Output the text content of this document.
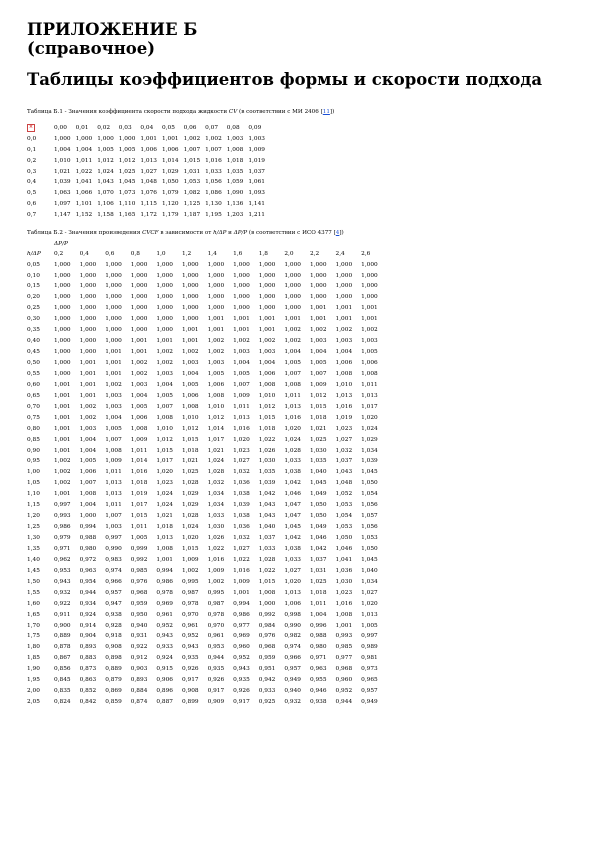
ПРИЛОЖЕНИЕ Б
(справочное)
Таблицы коэффициентов формы и скорости подхода
Таблица Б.1 - Значения коэффициента скорости подхода жидкости CV (в соответствии с МИ 2406 [11])
×	0,00	0,01	0,02	0,03	0,04	0,05	0,06	0,07	0,08	0,09
0,0	1,000	1,000	1,000	1,000	1,001	1,001	1,002	1,002	1,003	1,003
0,1	1,004	1,004	1,005	1,005	1,006	1,006	1,007	1,007	1,008	1,009
0,2	1,010	1,011	1,012	1,012	1,013	1,014	1,015	1,016	1,018	1,019
0,3	1,021	1,022	1,024	1,025	1,027	1,029	1,031	1,033	1,035	1,037
0,4	1,039	1,041	1,043	1,045	1,048	1,050	1,053	1,056	1,059	1,061
0,5	1,063	1,066	1,070	1,073	1,076	1,079	1,082	1,086	1,090	1,093
0,6	1,097	1,101	1,106	1,110	1,115	1,120	1,125	1,130	1,136	1,141
0,7	1,147	1,152	1,158	1,165	1,172	1,179	1,187	1,195	1,203	1,211
Таблица Б.2 - Значения произведения CVCF в зависимости от h/ΔP и ΔP/P (в соответствии с ИСО 4377 [4])
	ΔP/P												
h/ΔP	0,2	0,4	0,6	0,8	1,0	1,2	1,4	1,6	1,8	2,0	2,2	2,4	2,6
0,05	1,000	1,000	1,000	1,000	1,000	1,000	1,000	1,000	1,000	1,000	1,000	1,000	1,000
0,10	1,000	1,000	1,000	1,000	1,000	1,000	1,000	1,000	1,000	1,000	1,000	1,000	1,000
0,15	1,000	1,000	1,000	1,000	1,000	1,000	1,000	1,000	1,000	1,000	1,000	1,000	1,000
0,20	1,000	1,000	1,000	1,000	1,000	1,000	1,000	1,000	1,000	1,000	1,000	1,000	1,000
0,25	1,000	1,000	1,000	1,000	1,000	1,000	1,000	1,000	1,000	1,000	1,001	1,001	1,001
0,30	1,000	1,000	1,000	1,000	1,000	1,000	1,001	1,001	1,001	1,001	1,001	1,001	1,001
0,35	1,000	1,000	1,000	1,000	1,000	1,001	1,001	1,001	1,001	1,002	1,002	1,002	1,002
0,40	1,000	1,000	1,000	1,001	1,001	1,001	1,002	1,002	1,002	1,002	1,003	1,003	1,003
0,45	1,000	1,000	1,001	1,001	1,002	1,002	1,002	1,003	1,003	1,004	1,004	1,004	1,005
0,50	1,000	1,001	1,001	1,002	1,002	1,003	1,003	1,004	1,004	1,005	1,005	1,006	1,006
0,55	1,000	1,001	1,001	1,002	1,003	1,004	1,005	1,005	1,006	1,007	1,007	1,008	1,008
0,60	1,001	1,001	1,002	1,003	1,004	1,005	1,006	1,007	1,008	1,008	1,009	1,010	1,011
0,65	1,001	1,001	1,003	1,004	1,005	1,006	1,008	1,009	1,010	1,011	1,012	1,013	1,013
0,70	1,001	1,002	1,003	1,005	1,007	1,008	1,010	1,011	1,012	1,013	1,015	1,016	1,017
0,75	1,001	1,002	1,004	1,006	1,008	1,010	1,012	1,013	1,015	1,016	1,018	1,019	1,020
0,80	1,001	1,003	1,005	1,008	1,010	1,012	1,014	1,016	1,018	1,020	1,021	1,023	1,024
0,85	1,001	1,004	1,007	1,009	1,012	1,015	1,017	1,020	1,022	1,024	1,025	1,027	1,029
0,90	1,001	1,004	1,008	1,011	1,015	1,018	1,021	1,023	1,026	1,028	1,030	1,032	1,034
0,95	1,002	1,005	1,009	1,014	1,017	1,021	1,024	1,027	1,030	1,033	1,035	1,037	1,039
1,00	1,002	1,006	1,011	1,016	1,020	1,025	1,028	1,032	1,035	1,038	1,040	1,043	1,045
1,05	1,002	1,007	1,013	1,018	1,023	1,028	1,032	1,036	1,039	1,042	1,045	1,048	1,050
1,10	1,001	1,008	1,013	1,019	1,024	1,029	1,034	1,038	1,042	1,046	1,049	1,052	1,054
1,15	0,997	1,004	1,011	1,017	1,024	1,029	1,034	1,039	1,043	1,047	1,050	1,053	1,056
1,20	0,993	1,000	1,007	1,015	1,021	1,028	1,033	1,038	1,043	1,047	1,050	1,054	1,057
1,25	0,986	0,994	1,003	1,011	1,018	1,024	1,030	1,036	1,040	1,045	1,049	1,053	1,056
1,30	0,979	0,988	0,997	1,005	1,013	1,020	1,026	1,032	1,037	1,042	1,046	1,050	1,053
1,35	0,971	0,980	0,990	0,999	1,008	1,015	1,022	1,027	1,033	1,038	1,042	1,046	1,050
1,40	0,962	0,972	0,983	0,992	1,001	1,009	1,016	1,022	1,028	1,033	1,037	1,041	1,045
1,45	0,953	0,963	0,974	0,985	0,994	1,002	1,009	1,016	1,022	1,027	1,031	1,036	1,040
1,50	0,943	0,954	0,966	0,976	0,986	0,995	1,002	1,009	1,015	1,020	1,025	1,030	1,034
1,55	0,932	0,944	0,957	0,968	0,978	0,987	0,995	1,001	1,008	1,013	1,018	1,023	1,027
1,60	0,922	0,934	0,947	0,959	0,969	0,978	0,987	0,994	1,000	1,006	1,011	1,016	1,020
1,65	0,911	0,924	0,938	0,950	0,961	0,970	0,978	0,986	0,992	0,998	1,004	1,008	1,013
1,70	0,900	0,914	0,928	0,940	0,952	0,961	0,970	0,977	0,984	0,990	0,996	1,001	1,005
1,75	0,889	0,904	0,918	0,931	0,943	0,952	0,961	0,969	0,976	0,982	0,988	0,993	0,997
1,80	0,878	0,893	0,908	0,922	0,933	0,943	0,953	0,960	0,968	0,974	0,980	0,985	0,989
1,85	0,867	0,883	0,898	0,912	0,924	0,935	0,944	0,952	0,959	0,966	0,971	0,977	0,981
1,90	0,856	0,873	0,889	0,903	0,915	0,926	0,935	0,943	0,951	0,957	0,963	0,968	0,973
1,95	0,845	0,863	0,879	0,893	0,906	0,917	0,926	0,935	0,942	0,949	0,955	0,960	0,965
2,00	0,835	0,852	0,869	0,884	0,896	0,908	0,917	0,926	0,933	0,940	0,946	0,952	0,957
2,05	0,824	0,842	0,859	0,874	0,887	0,899	0,909	0,917	0,925	0,932	0,938	0,944	0,949
